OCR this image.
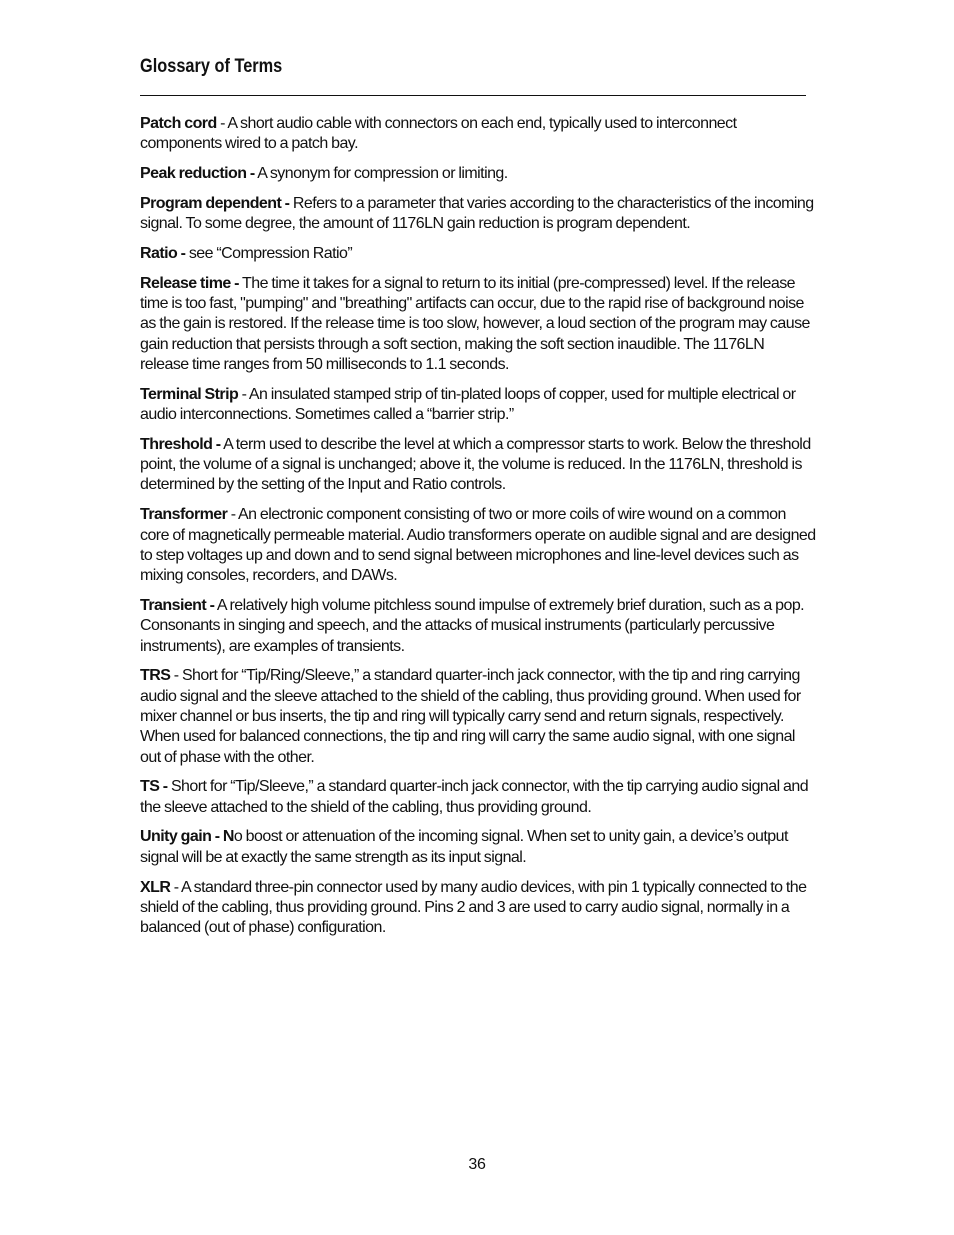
Glossary of Terms

Patch cord - A short audio cable with connectors on each end, typically used to interconnect components wired to a patch bay.

Peak reduction - A synonym for compression or limiting.

Program dependent - Refers to a parameter that varies according to the characteristics of the incoming signal. To some degree, the amount of 1176LN gain reduction is program dependent.

Ratio - see “Compression Ratio”

Release time - The time it takes for a signal to return to its initial (pre-compressed) level. If the release time is too fast, "pumping" and "breathing" artifacts can occur, due to the rapid rise of background noise as the gain is restored. If the release time is too slow, however, a loud section of the program may cause gain reduction that persists through a soft section, making the soft section inaudible. The 1176LN release time ranges from 50 milliseconds to 1.1 seconds.

Terminal Strip - An insulated stamped strip of tin-plated loops of copper, used for multiple electrical or audio interconnections. Sometimes called a “barrier strip.”

Threshold - A term used to describe the level at which a compressor starts to work. Below the threshold point, the volume of a signal is unchanged; above it, the volume is reduced. In the 1176LN, threshold is determined by the setting of the Input and Ratio controls.

Transformer - An electronic component consisting of two or more coils of wire wound on a common core of magnetically permeable material. Audio transformers operate on audible signal and are designed to step voltages up and down and to send signal between microphones and line-level devices such as mixing consoles, recorders, and DAWs.

Transient - A relatively high volume pitchless sound impulse of extremely brief duration, such as a pop. Consonants in singing and speech, and the attacks of musical instruments (particularly percussive instruments), are examples of transients.

TRS - Short for “Tip/Ring/Sleeve,” a standard quarter-inch jack connector, with the tip and ring carrying audio signal and the sleeve attached to the shield of the cabling, thus providing ground. When used for mixer channel or bus inserts, the tip and ring will typically carry send and return signals, respectively. When used for balanced connections, the tip and ring will carry the same audio signal, with one signal out of phase with the other.

TS - Short for “Tip/Sleeve,” a standard quarter-inch jack connector, with the tip carrying audio signal and the sleeve attached to the shield of the cabling, thus providing ground.

Unity gain - No boost or attenuation of the incoming signal. When set to unity gain, a device’s output signal will be at exactly the same strength as its input signal.

XLR - A standard three-pin connector used by many audio devices, with pin 1 typically connected to the shield of the cabling, thus providing ground. Pins 2 and 3 are used to carry audio signal, normally in a balanced (out of phase) configuration.

36
